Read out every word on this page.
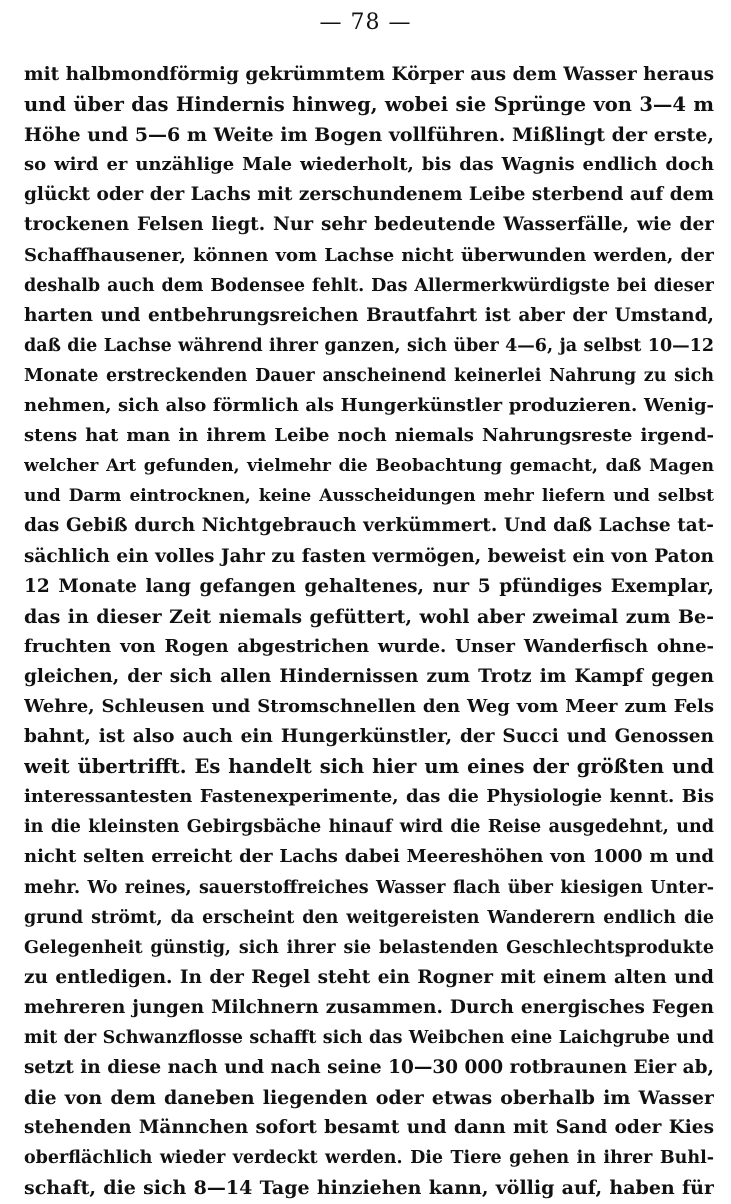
— 78 —
mit halbmondförmig gekrümmtem Körper aus dem Wasser heraus
und über das Hindernis hinweg, wobei sie Sprünge von 3—4 m
Höhe und 5—6 m Weite im Bogen vollführen. Mißlingt der erste,
so wird er unzählige Male wiederholt, bis das Wagnis endlich doch
glückt oder der Lachs mit zerschundenem Leibe sterbend auf dem
trockenen Felsen liegt. Nur sehr bedeutende Wasserfälle, wie der
Schaffhausener, können vom Lachse nicht überwunden werden, der
deshalb auch dem Bodensee fehlt. Das Allermerkwürdigste bei dieser
harten und entbehrungsreichen Brautfahrt ist aber der Umstand,
daß die Lachse während ihrer ganzen, sich über 4—6, ja selbst 10—12
Monate erstreckenden Dauer anscheinend keinerlei Nahrung zu sich
nehmen, sich also förmlich als Hungerkünstler produzieren. Wenig-
stens hat man in ihrem Leibe noch niemals Nahrungsreste irgend-
welcher Art gefunden, vielmehr die Beobachtung gemacht, daß Magen
und Darm eintrocknen, keine Ausscheidungen mehr liefern und selbst
das Gebiß durch Nichtgebrauch verkümmert. Und daß Lachse tat-
sächlich ein volles Jahr zu fasten vermögen, beweist ein von Paton
12 Monate lang gefangen gehaltenes, nur 5 pfündiges Exemplar,
das in dieser Zeit niemals gefüttert, wohl aber zweimal zum Be-
fruchten von Rogen abgestrichen wurde. Unser Wanderfisch ohne-
gleichen, der sich allen Hindernissen zum Trotz im Kampf gegen
Wehre, Schleusen und Stromschnellen den Weg vom Meer zum Fels
bahnt, ist also auch ein Hungerkünstler, der Succi und Genossen
weit übertrifft. Es handelt sich hier um eines der größten und
interessantesten Fastenexperimente, das die Physiologie kennt. Bis
in die kleinsten Gebirgsbäche hinauf wird die Reise ausgedehnt, und
nicht selten erreicht der Lachs dabei Meereshöhen von 1000 m und
mehr. Wo reines, sauerstoffreiches Wasser flach über kiesigen Unter-
grund strömt, da erscheint den weitgereisten Wanderern endlich die
Gelegenheit günstig, sich ihrer sie belastenden Geschlechtsprodukte
zu entledigen. In der Regel steht ein Rogner mit einem alten und
mehreren jungen Milchnern zusammen. Durch energisches Fegen
mit der Schwanzflosse schafft sich das Weibchen eine Laichgrube und
setzt in diese nach und nach seine 10—30 000 rotbraunen Eier ab,
die von dem daneben liegenden oder etwas oberhalb im Wasser
stehenden Männchen sofort besamt und dann mit Sand oder Kies
oberflächlich wieder verdeckt werden. Die Tiere gehen in ihrer Buhl-
schaft, die sich 8—14 Tage hinziehen kann, völlig auf, haben für
